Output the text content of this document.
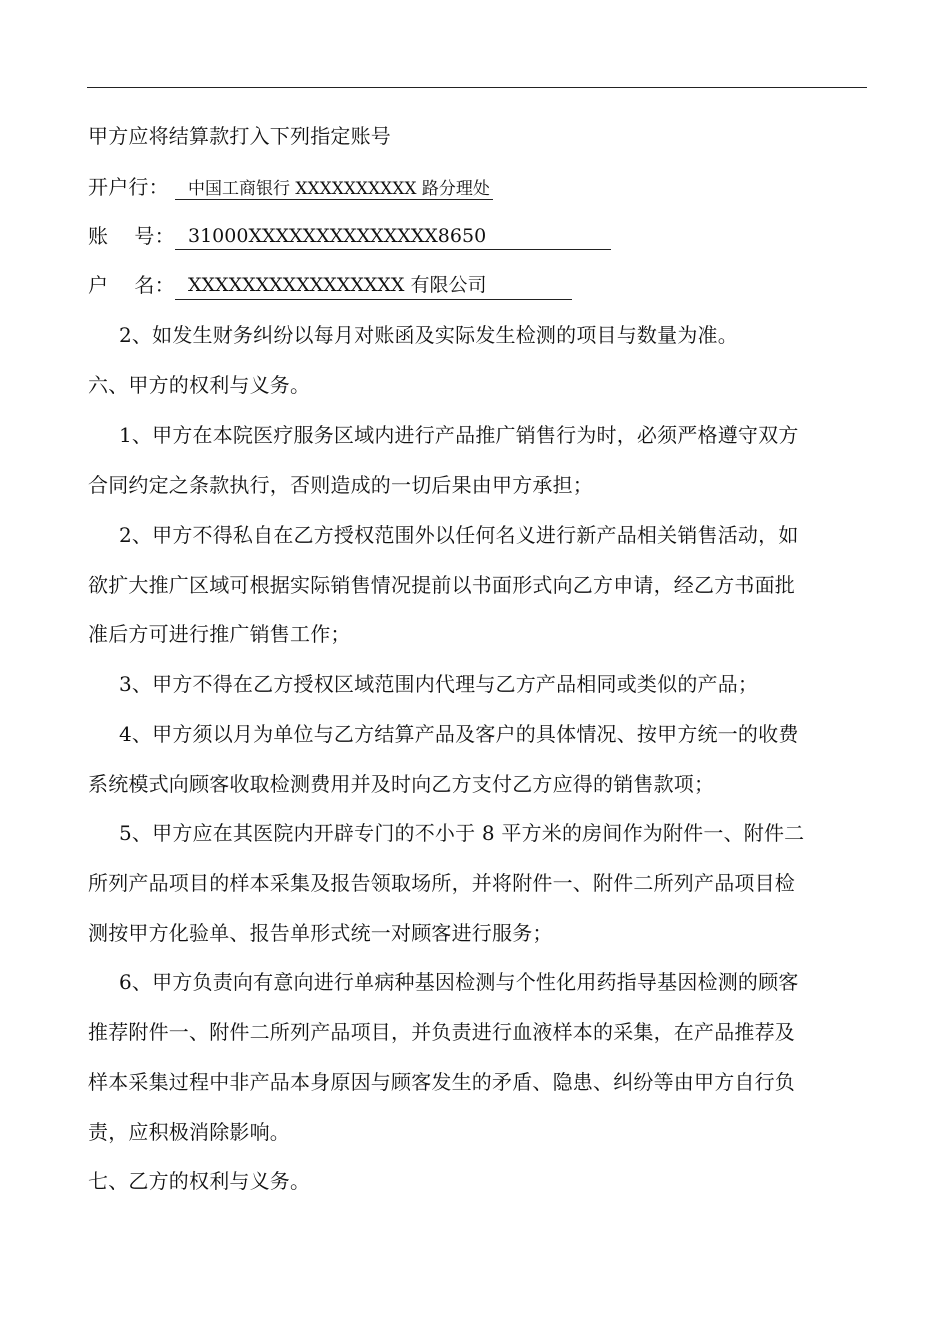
甲方应将结算款打入下列指定账号
开户行： 中国工商银行 XXXXXXXXXX 路分理处
账    号： 31000XXXXXXXXXXXXXX8650
户    名： XXXXXXXXXXXXXXXX 有限公司
2、如发生财务纠纷以每月对账函及实际发生检测的项目与数量为准。
六、甲方的权利与义务。
1、甲方在本院医疗服务区域内进行产品推广销售行为时，必须严格遵守双方
合同约定之条款执行，否则造成的一切后果由甲方承担；
2、甲方不得私自在乙方授权范围外以任何名义进行新产品相关销售活动，如
欲扩大推广区域可根据实际销售情况提前以书面形式向乙方申请，经乙方书面批
准后方可进行推广销售工作；
3、甲方不得在乙方授权区域范围内代理与乙方产品相同或类似的产品；
4、甲方须以月为单位与乙方结算产品及客户的具体情况、按甲方统一的收费
系统模式向顾客收取检测费用并及时向乙方支付乙方应得的销售款项；
5、甲方应在其医院内开辟专门的不小于 8 平方米的房间作为附件一、附件二
所列产品项目的样本采集及报告领取场所，并将附件一、附件二所列产品项目检
测按甲方化验单、报告单形式统一对顾客进行服务；
6、甲方负责向有意向进行单病种基因检测与个性化用药指导基因检测的顾客
推荐附件一、附件二所列产品项目，并负责进行血液样本的采集，在产品推荐及
样本采集过程中非产品本身原因与顾客发生的矛盾、隐患、纠纷等由甲方自行负
责，应积极消除影响。
七、乙方的权利与义务。
